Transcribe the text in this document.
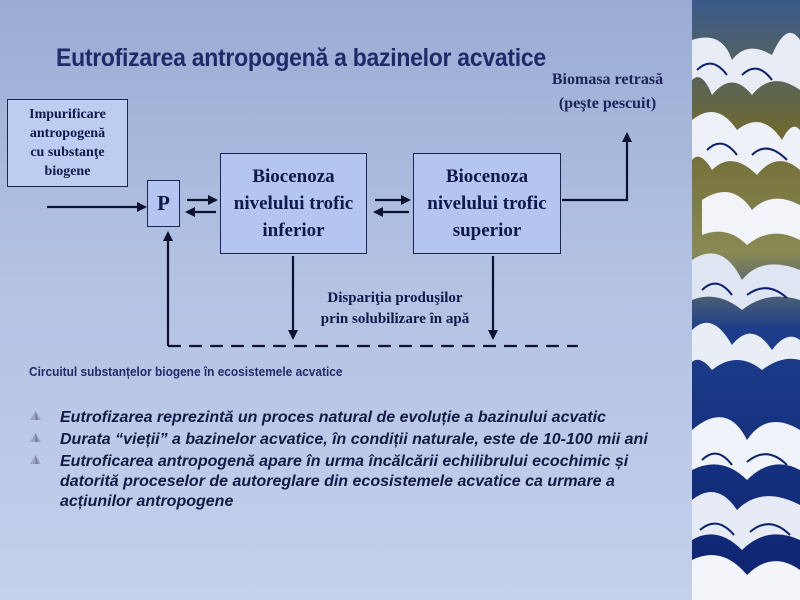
Eutrofizarea antropogenă a bazinelor acvatice
Impurificare
antropogenă
cu substanţe
biogene
P
Biocenoza
nivelului trofic
inferior
Biocenoza
nivelului trofic
superior
Biomasa retrasă
(peşte pescuit)
Dispariţia produşilor
prin solubilizare în apă

Circuitul substanțelor biogene în ecosistemele acvatice

Eutrofizarea reprezintă un proces natural de evoluție a bazinului acvatic
Durata “vieții” a bazinelor acvatice, în condiții naturale, este de 10-100 mii ani
Eutroficarea antropogenă apare în urma încălcării echilibrului ecochimic și datorită proceselor de autoreglare din ecosistemele acvatice ca urmare a acțiunilor antropogene
